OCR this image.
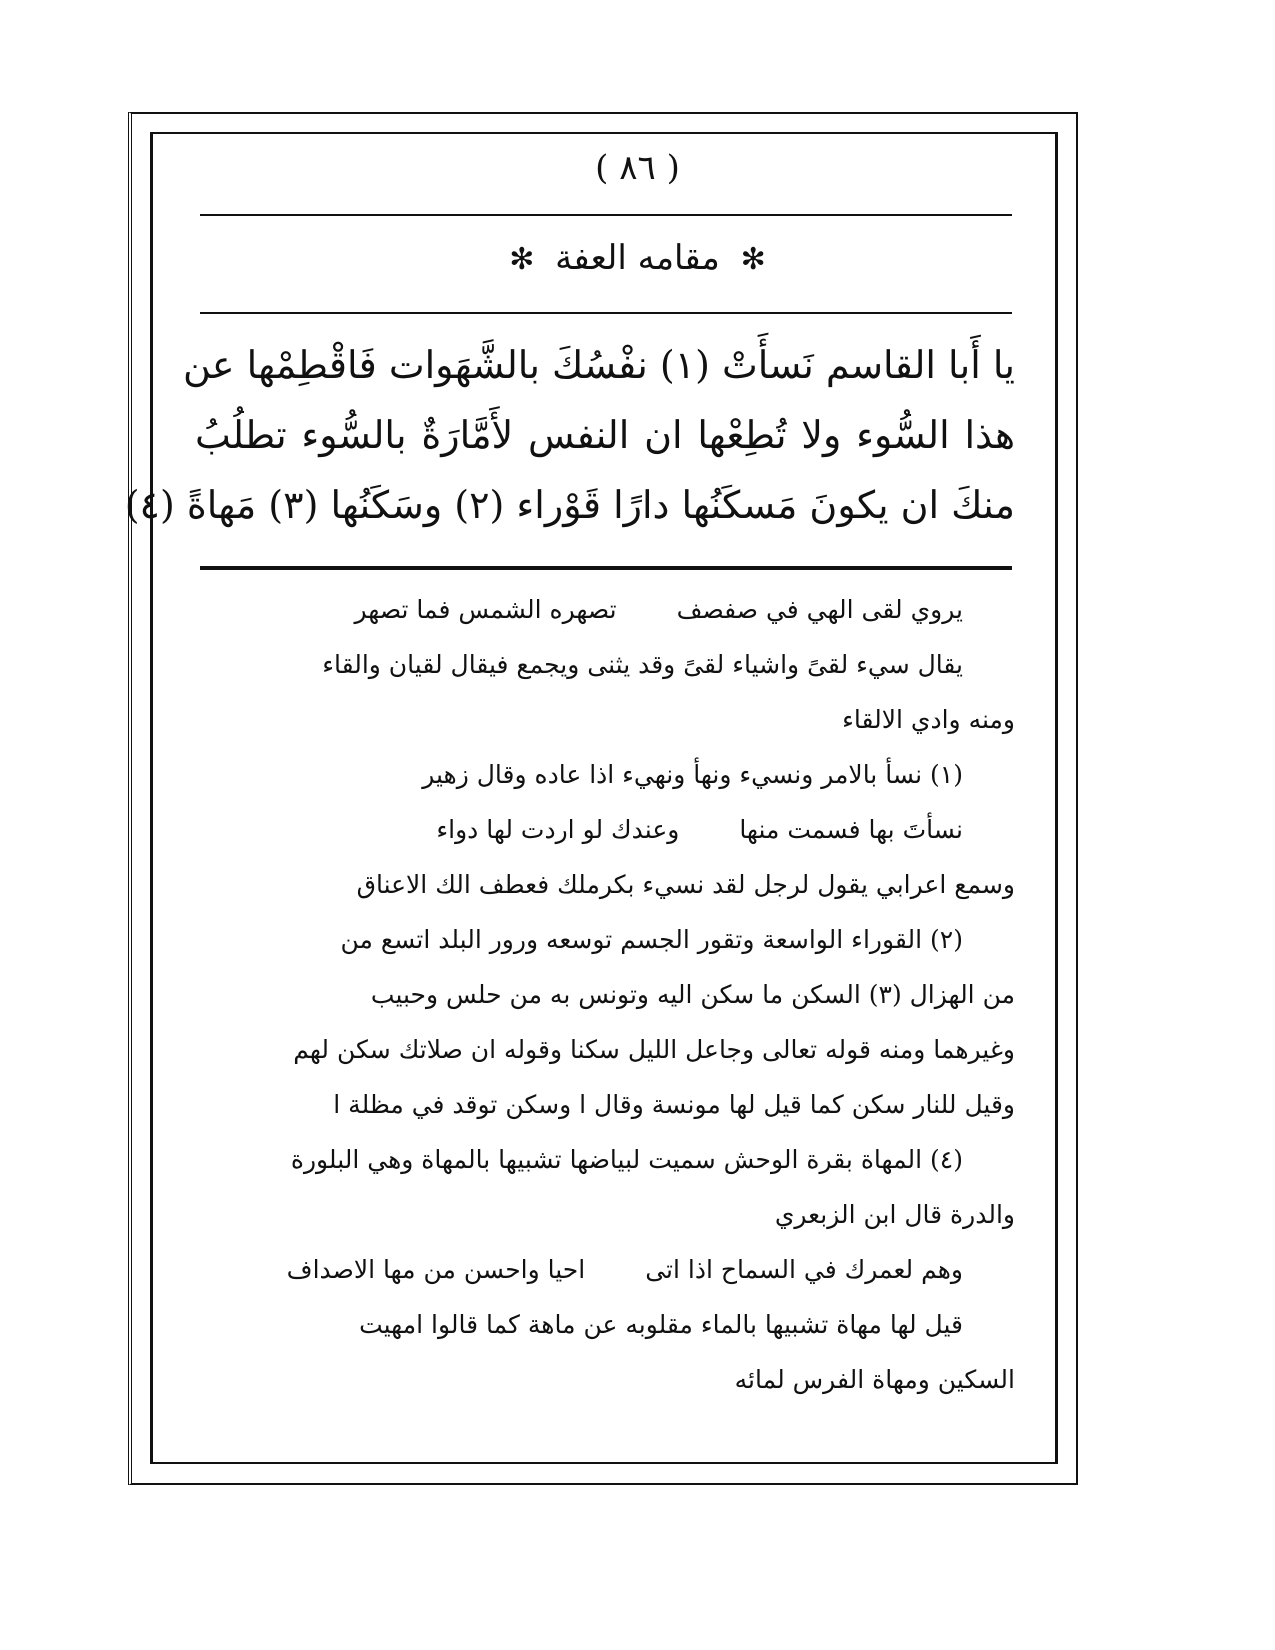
( ٨٦ )
✻ مقامه العفة ✻
يا أَبا القاسم نَسأَتْ (١) نفْسُكَ بالشَّهَوات فَاقْطِمْها عن
هذا السُّوء ولا تُطِعْها ان النفس لأَمَّارَةٌ بالسُّوء تطلُبُ
منكَ ان يكونَ مَسكَنُها دارًا قَوْراء (٢) وسَكَنُها (٣) مَهاةً (٤)
يروي لقى الهي في صفصفتصهره الشمس فما تصهر
يقال سيء لقىً واشياء لقىً وقد يثنى ويجمع فيقال لقيان والقاء
ومنه وادي الالقاء
(١) نسأ بالامر ونسيء ونهأ ونهيء اذا عاده وقال زهير
نسأتَ بها فسمت منهاوعندك لو اردت لها دواء
وسمع اعرابي يقول لرجل لقد نسيء بكرملك فعطف الك الاعناق
(٢) القوراء الواسعة وتقور الجسم توسعه ورور البلد اتسع من
من الهزال (٣) السكن ما سكن اليه وتونس به من حلس وحبيب
وغيرهما ومنه قوله تعالى وجاعل الليل سكنا وقوله ان صلاتك سكن لهم
وقيل للنار سكن كما قيل لها مونسة وقال ا وسكن توقد في مظلة ا
(٤) المهاة بقرة الوحش سميت لبياضها تشبيها بالمهاة وهي البلورة
والدرة قال ابن الزبعري
وهم لعمرك في السماح اذا اتىاحيا واحسن من مها الاصداف
قيل لها مهاة تشبيها بالماء مقلوبه عن ماهة كما قالوا امهيت
السكين ومهاة الفرس لمائه
